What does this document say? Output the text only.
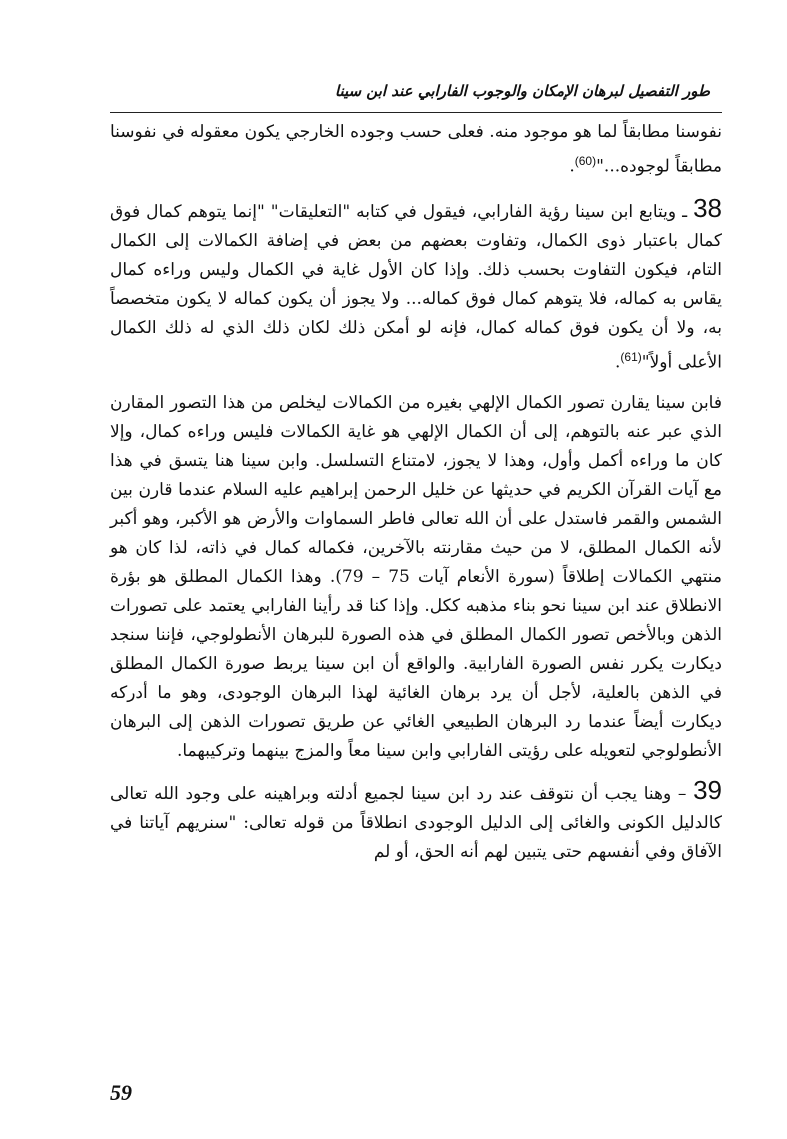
طور التفصيل لبرهان الإمكان والوجوب الفارابي عند ابن سينا

نفوسنا مطابقاً لما هو موجود منه. فعلى حسب وجوده الخارجي يكون معقوله في نفوسنا مطابقاً لوجوده..."$^{(60)}$.

38 ـ ويتابع ابن سينا رؤية الفارابي، فيقول في كتابه "التعليقات" "إنما يتوهم كمال فوق كمال باعتبار ذوى الكمال، وتفاوت بعضهم من بعض في إضافة الكمالات إلى الكمال التام، فيكون التفاوت بحسب ذلك. وإذا كان الأول غاية في الكمال وليس وراءه كمال يقاس به كماله، فلا يتوهم كمال فوق كماله... ولا يجوز أن يكون كماله لا يكون متخصصاً به، ولا أن يكون فوق كماله كمال، فإنه لو أمكن ذلك لكان ذلك الذي له ذلك الكمال الأعلى أولاً"$^{(61)}$.

فابن سينا يقارن تصور الكمال الإلهي بغيره من الكمالات ليخلص من هذا التصور المقارن الذي عبر عنه بالتوهم، إلى أن الكمال الإلهي هو غاية الكمالات فليس وراءه كمال، وإلا كان ما وراءه أكمل وأول، وهذا لا يجوز، لامتناع التسلسل. وابن سينا هنا يتسق في هذا مع آيات القرآن الكريم في حديثها عن خليل الرحمن إبراهيم عليه السلام عندما قارن بين الشمس والقمر فاستدل على أن الله تعالى فاطر السماوات والأرض هو الأكبر، وهو أكبر لأنه الكمال المطلق، لا من حيث مقارنته بالآخرين، فكماله كمال في ذاته، لذا كان هو منتهي الكمالات إطلاقاً (سورة الأنعام آيات 75 – 79). وهذا الكمال المطلق هو بؤرة الانطلاق عند ابن سينا نحو بناء مذهبه ككل. وإذا كنا قد رأينا الفارابي يعتمد على تصورات الذهن وبالأخص تصور الكمال المطلق في هذه الصورة للبرهان الأنطولوجي، فإننا سنجد ديكارت يكرر نفس الصورة الفارابية. والواقع أن ابن سينا يربط صورة الكمال المطلق في الذهن بالعلية، لأجل أن يرد برهان الغائية لهذا البرهان الوجودى، وهو ما أدركه ديكارت أيضاً عندما رد البرهان الطبيعي الغائي عن طريق تصورات الذهن إلى البرهان الأنطولوجي لتعويله على رؤيتى الفارابي وابن سينا معاً والمزج بينهما وتركيبهما.

39 – وهنا يجب أن نتوقف عند رد ابن سينا لجميع أدلته وبراهينه على وجود الله تعالى كالدليل الكونى والغائى إلى الدليل الوجودى انطلاقاً من قوله تعالى: "سنريهم آياتنا في الآفاق وفي أنفسهم حتى يتبين لهم أنه الحق، أو لم

59
